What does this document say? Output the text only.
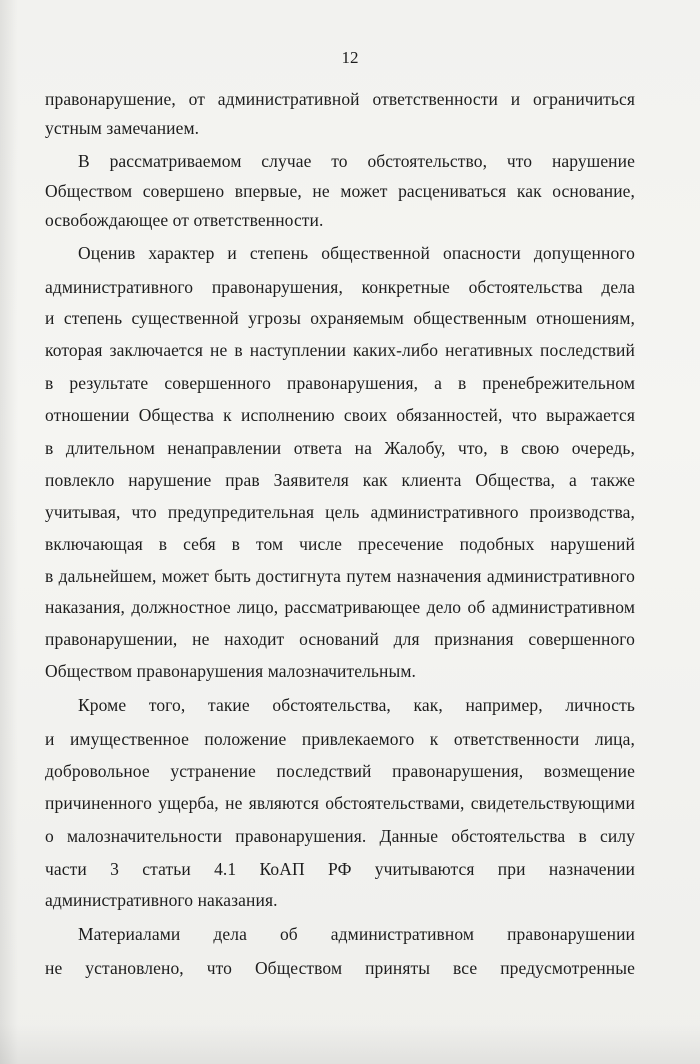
12
правонарушение, от административной ответственности и ограничиться
устным замечанием.
В рассматриваемом случае то обстоятельство, что нарушение
Обществом совершено впервые, не может расцениваться как основание,
освобождающее от ответственности.
Оценив характер и степень общественной опасности допущенного
административного правонарушения, конкретные обстоятельства дела
и степень существенной угрозы охраняемым общественным отношениям,
которая заключается не в наступлении каких-либо негативных последствий
в результате совершенного правонарушения, а в пренебрежительном
отношении Общества к исполнению своих обязанностей, что выражается
в длительном ненаправлении ответа на Жалобу, что, в свою очередь,
повлекло нарушение прав Заявителя как клиента Общества, а также
учитывая, что предупредительная цель административного производства,
включающая в себя в том числе пресечение подобных нарушений
в дальнейшем, может быть достигнута путем назначения административного
наказания, должностное лицо, рассматривающее дело об административном
правонарушении, не находит оснований для признания совершенного
Обществом правонарушения малозначительным.
Кроме того, такие обстоятельства, как, например, личность
и имущественное положение привлекаемого к ответственности лица,
добровольное устранение последствий правонарушения, возмещение
причиненного ущерба, не являются обстоятельствами, свидетельствующими
о малозначительности правонарушения. Данные обстоятельства в силу
части 3 статьи 4.1 КоАП РФ учитываются при назначении
административного наказания.
Материалами дела об административном правонарушении
не установлено, что Обществом приняты все предусмотренные
